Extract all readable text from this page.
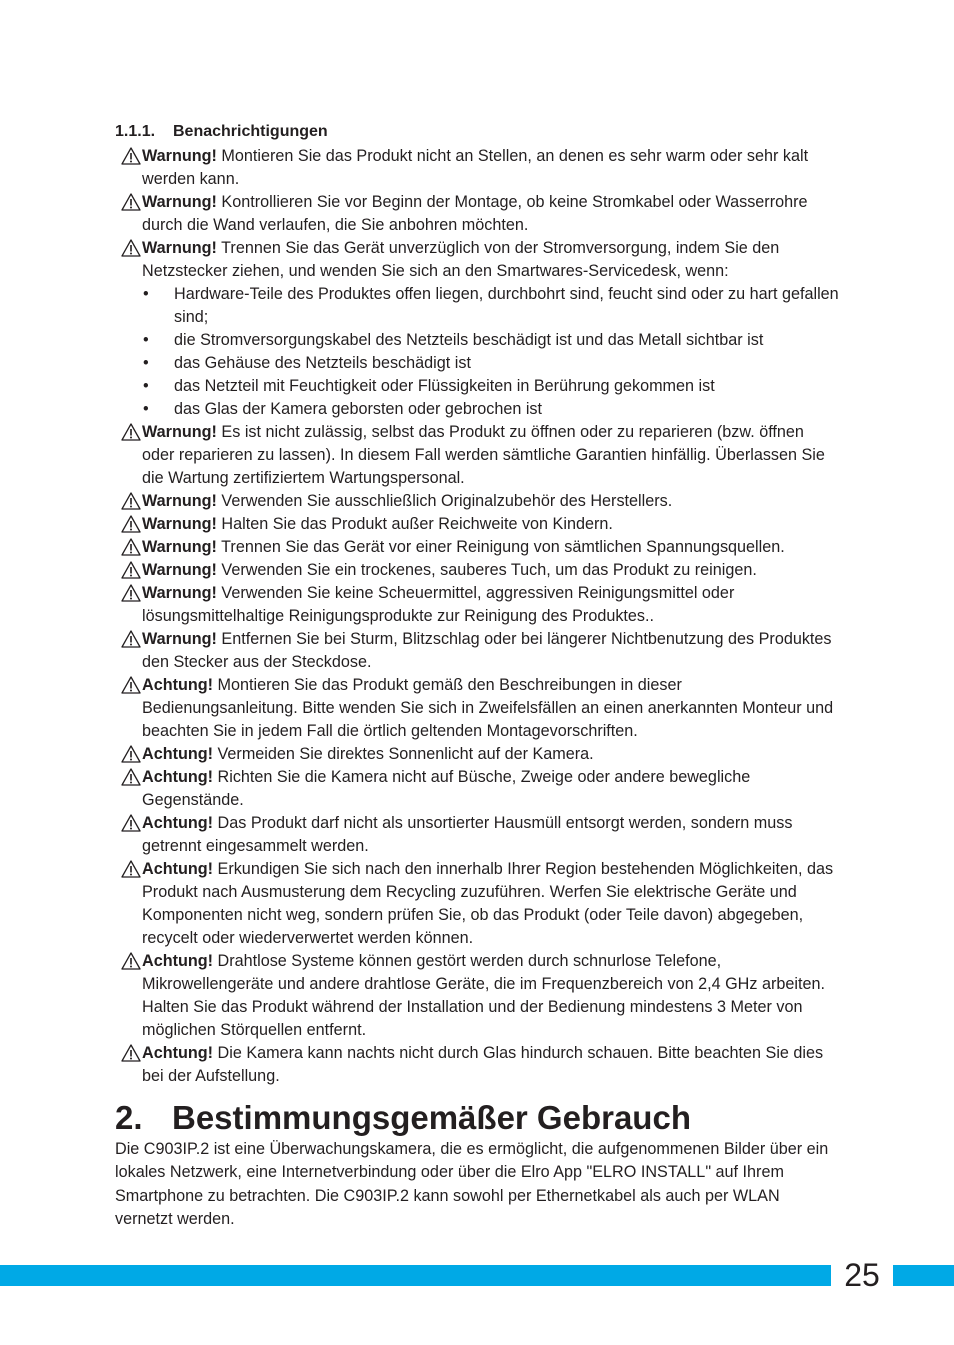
1.1.1. Benachrichtigungen

Warnung! Montieren Sie das Produkt nicht an Stellen, an denen es sehr warm oder sehr kalt werden kann.

Warnung! Kontrollieren Sie vor Beginn der Montage, ob keine Stromkabel oder Wasserrohre durch die Wand verlaufen, die Sie anbohren möchten.

Warnung! Trennen Sie das Gerät unverzüglich von der Stromversorgung, indem Sie den Netzstecker ziehen, und wenden Sie sich an den Smartwares-Servicedesk, wenn:

• Hardware-Teile des Produktes offen liegen, durchbohrt sind, feucht sind oder zu hart gefallen sind;
• die Stromversorgungskabel des Netzteils beschädigt ist und das Metall sichtbar ist
• das Gehäuse des Netzteils beschädigt ist
• das Netzteil mit Feuchtigkeit oder Flüssigkeiten in Berührung gekommen ist
• das Glas der Kamera geborsten oder gebrochen ist

Warnung! Es ist nicht zulässig, selbst das Produkt zu öffnen oder zu reparieren (bzw. öffnen oder reparieren zu lassen). In diesem Fall werden sämtliche Garantien hinfällig. Überlassen Sie die Wartung zertifiziertem Wartungspersonal.

Warnung! Verwenden Sie ausschließlich Originalzubehör des Herstellers.

Warnung! Halten Sie das Produkt außer Reichweite von Kindern.

Warnung! Trennen Sie das Gerät vor einer Reinigung von sämtlichen Spannungsquellen.

Warnung! Verwenden Sie ein trockenes, sauberes Tuch, um das Produkt zu reinigen.

Warnung! Verwenden Sie keine Scheuermittel, aggressiven Reinigungsmittel oder lösungsmittelhaltige Reinigungsprodukte zur Reinigung des Produktes..

Warnung! Entfernen Sie bei Sturm, Blitzschlag oder bei längerer Nichtbenutzung des Produktes den Stecker aus der Steckdose.

Achtung! Montieren Sie das Produkt gemäß den Beschreibungen in dieser Bedienungsanleitung. Bitte wenden Sie sich in Zweifelsfällen an einen anerkannten Monteur und beachten Sie in jedem Fall die örtlich geltenden Montagevorschriften.

Achtung! Vermeiden Sie direktes Sonnenlicht auf der Kamera.

Achtung! Richten Sie die Kamera nicht auf Büsche, Zweige oder andere bewegliche Gegenstände.

Achtung! Das Produkt darf nicht als unsortierter Hausmüll entsorgt werden, sondern muss getrennt eingesammelt werden.

Achtung! Erkundigen Sie sich nach den innerhalb Ihrer Region bestehenden Möglichkeiten, das Produkt nach Ausmusterung dem Recycling zuzuführen. Werfen Sie elektrische Geräte und Komponenten nicht weg, sondern prüfen Sie, ob das Produkt (oder Teile davon) abgegeben, recycelt oder wiederverwertet werden können.

Achtung! Drahtlose Systeme können gestört werden durch schnurlose Telefone, Mikrowellengeräte und andere drahtlose Geräte, die im Frequenzbereich von 2,4 GHz arbeiten. Halten Sie das Produkt während der Installation und der Bedienung mindestens 3 Meter von möglichen Störquellen entfernt.

Achtung! Die Kamera kann nachts nicht durch Glas hindurch schauen. Bitte beachten Sie dies bei der Aufstellung.

2. Bestimmungsgemäßer Gebrauch

Die C903IP.2 ist eine Überwachungskamera, die es ermöglicht, die aufgenommenen Bilder über ein lokales Netzwerk, eine Internetverbindung oder über die Elro App "ELRO INSTALL" auf Ihrem Smartphone zu betrachten. Die C903IP.2 kann sowohl per Ethernetkabel als auch per WLAN vernetzt werden.

25
